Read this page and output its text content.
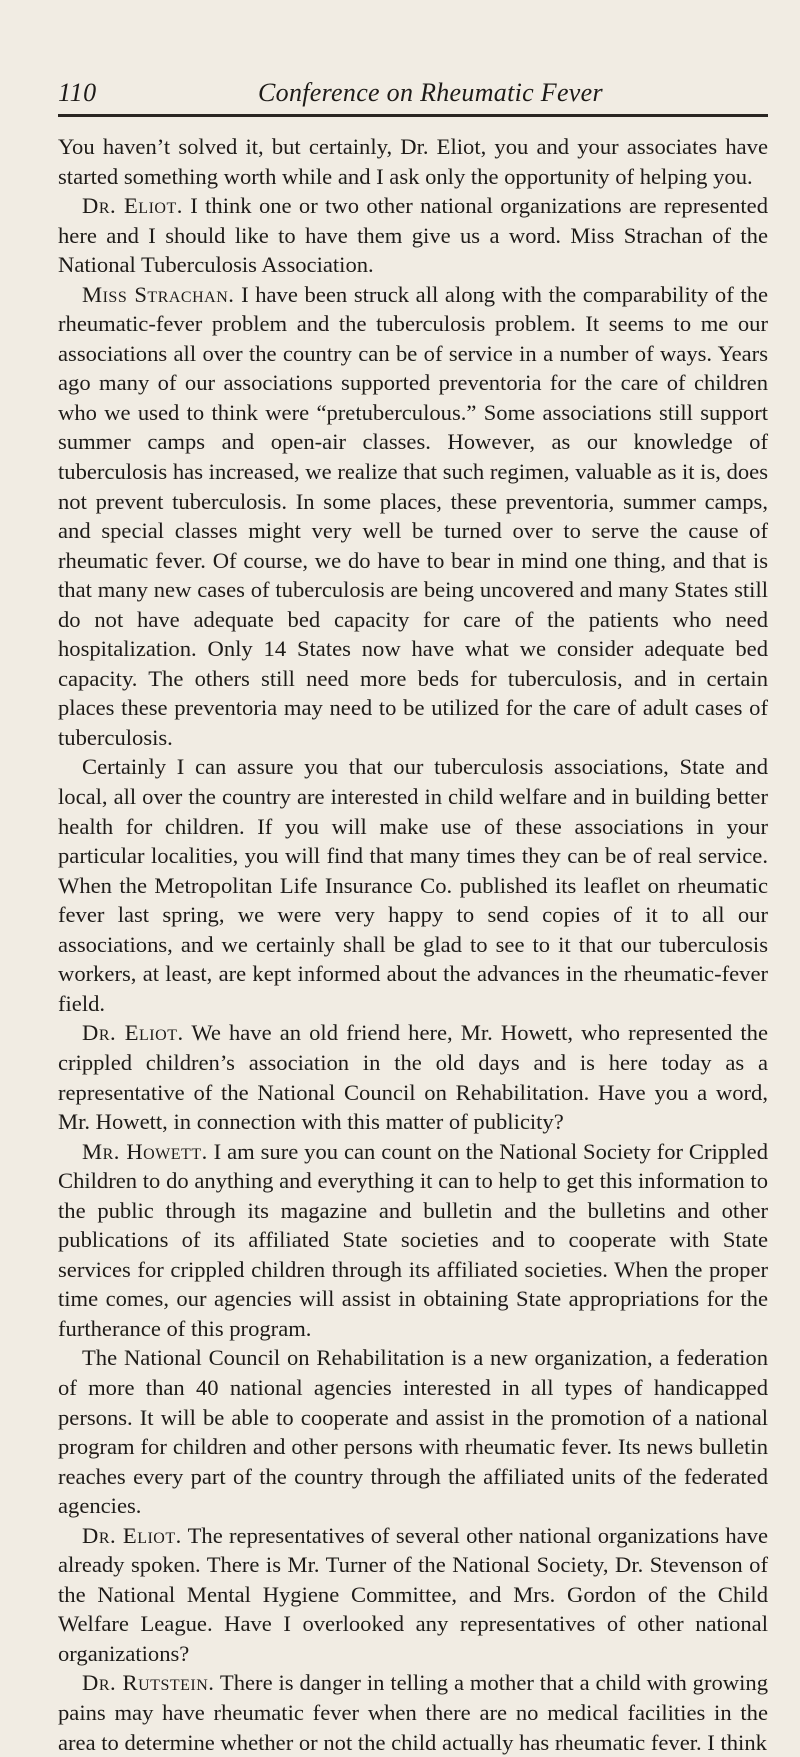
110	Conference on Rheumatic Fever

You haven’t solved it, but certainly, Dr. Eliot, you and your associates have started something worth while and I ask only the opportunity of helping you.

Dr. Eliot. I think one or two other national organizations are represented here and I should like to have them give us a word. Miss Strachan of the National Tuberculosis Association.

Miss Strachan. I have been struck all along with the comparability of the rheumatic-fever problem and the tuberculosis problem. It seems to me our associations all over the country can be of service in a number of ways. Years ago many of our associations supported preventoria for the care of children who we used to think were “pretuberculous.” Some associations still support summer camps and open-air classes. However, as our knowledge of tuberculosis has increased, we realize that such regimen, valuable as it is, does not prevent tuberculosis. In some places, these preventoria, summer camps, and special classes might very well be turned over to serve the cause of rheumatic fever. Of course, we do have to bear in mind one thing, and that is that many new cases of tuberculosis are being uncovered and many States still do not have adequate bed capacity for care of the patients who need hospitalization. Only 14 States now have what we consider adequate bed capacity. The others still need more beds for tuberculosis, and in certain places these preventoria may need to be utilized for the care of adult cases of tuberculosis.

Certainly I can assure you that our tuberculosis associations, State and local, all over the country are interested in child welfare and in building better health for children. If you will make use of these associations in your particular localities, you will find that many times they can be of real service. When the Metropolitan Life Insurance Co. published its leaflet on rheumatic fever last spring, we were very happy to send copies of it to all our associations, and we certainly shall be glad to see to it that our tuberculosis workers, at least, are kept informed about the advances in the rheumatic-fever field.

Dr. Eliot. We have an old friend here, Mr. Howett, who represented the crippled children’s association in the old days and is here today as a representative of the National Council on Rehabilitation. Have you a word, Mr. Howett, in connection with this matter of publicity?

Mr. Howett. I am sure you can count on the National Society for Crippled Children to do anything and everything it can to help to get this information to the public through its magazine and bulletin and the bulletins and other publications of its affiliated State societies and to cooperate with State services for crippled children through its affiliated societies. When the proper time comes, our agencies will assist in obtaining State appropriations for the furtherance of this program.

The National Council on Rehabilitation is a new organization, a federation of more than 40 national agencies interested in all types of handicapped persons. It will be able to cooperate and assist in the promotion of a national program for children and other persons with rheumatic fever. Its news bulletin reaches every part of the country through the affiliated units of the federated agencies.

Dr. Eliot. The representatives of several other national organizations have already spoken. There is Mr. Turner of the National Society, Dr. Stevenson of the National Mental Hygiene Committee, and Mrs. Gordon of the Child Welfare League. Have I overlooked any representatives of other national organizations?

Dr. Rutstein. There is danger in telling a mother that a child with growing pains may have rheumatic fever when there are no medical facilities in the area to determine whether or not the child actually has rheumatic fever. I think
